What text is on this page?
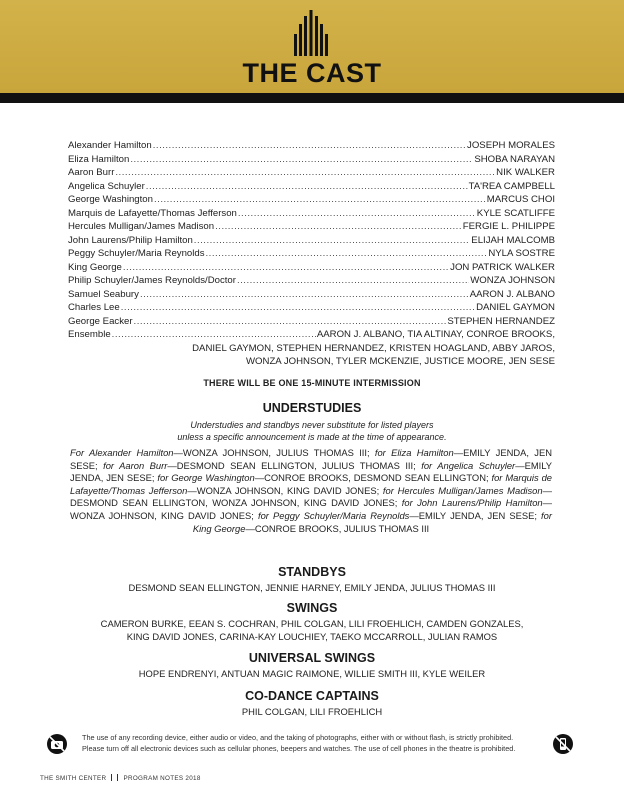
THE CAST
Alexander Hamilton .....	JOSEPH MORALES
Eliza Hamilton .....	SHOBA NARAYAN
Aaron Burr .....	NIK WALKER
Angelica Schuyler .....	TA'REA CAMPBELL
George Washington .....	MARCUS CHOI
Marquis de Lafayette/Thomas Jefferson .....	KYLE SCATLIFFE
Hercules Mulligan/James Madison .....	FERGIE L. PHILIPPE
John Laurens/Philip Hamilton .....	ELIJAH MALCOMB
Peggy Schuyler/Maria Reynolds .....	NYLA SOSTRE
King George .....	JON PATRICK WALKER
Philip Schuyler/James Reynolds/Doctor .....	WONZA JOHNSON
Samuel Seabury .....	AARON J. ALBANO
Charles Lee .....	DANIEL GAYMON
George Eacker .....	STEPHEN HERNANDEZ
Ensemble .....	AARON J. ALBANO, TIA ALTINAY, CONROE BROOKS,
DANIEL GAYMON, STEPHEN HERNANDEZ, KRISTEN HOAGLAND, ABBY JAROS,
WONZA JOHNSON, TYLER MCKENZIE, JUSTICE MOORE, JEN SESE
THERE WILL BE ONE 15-MINUTE INTERMISSION
UNDERSTUDIES
Understudies and standbys never substitute for listed players
unless a specific announcement is made at the time of appearance.
For Alexander Hamilton—WONZA JOHNSON, JULIUS THOMAS III; for Eliza Hamilton—EMILY JENDA, JEN SESE; for Aaron Burr—DESMOND SEAN ELLINGTON, JULIUS THOMAS III; for Angelica Schuyler—EMILY JENDA, JEN SESE; for George Washington—CONROE BROOKS, DESMOND SEAN ELLINGTON; for Marquis de Lafayette/Thomas Jefferson—WONZA JOHNSON, KING DAVID JONES; for Hercules Mulligan/James Madison—DESMOND SEAN ELLINGTON, WONZA JOHNSON, KING DAVID JONES; for John Laurens/Philip Hamilton—WONZA JOHNSON, KING DAVID JONES; for Peggy Schuyler/Maria Reynolds—EMILY JENDA, JEN SESE; for King George—CONROE BROOKS, JULIUS THOMAS III
STANDBYS
DESMOND SEAN ELLINGTON, JENNIE HARNEY, EMILY JENDA, JULIUS THOMAS III
SWINGS
CAMERON BURKE, EEAN S. COCHRAN, PHIL COLGAN, LILI FROEHLICH, CAMDEN GONZALES,
KING DAVID JONES, CARINA-KAY LOUCHIEY, TAEKO MCCARROLL, JULIAN RAMOS
UNIVERSAL SWINGS
HOPE ENDRENYI, ANTUAN MAGIC RAIMONE, WILLIE SMITH III, KYLE WEILER
CO-DANCE CAPTAINS
PHIL COLGAN, LILI FROEHLICH
The use of any recording device, either audio or video, and the taking of photographs, either with or without flash, is strictly prohibited.
Please turn off all electronic devices such as cellular phones, beepers and watches. The use of cell phones in the theatre is prohibited.
THE SMITH CENTER	PROGRAM NOTES 2018
